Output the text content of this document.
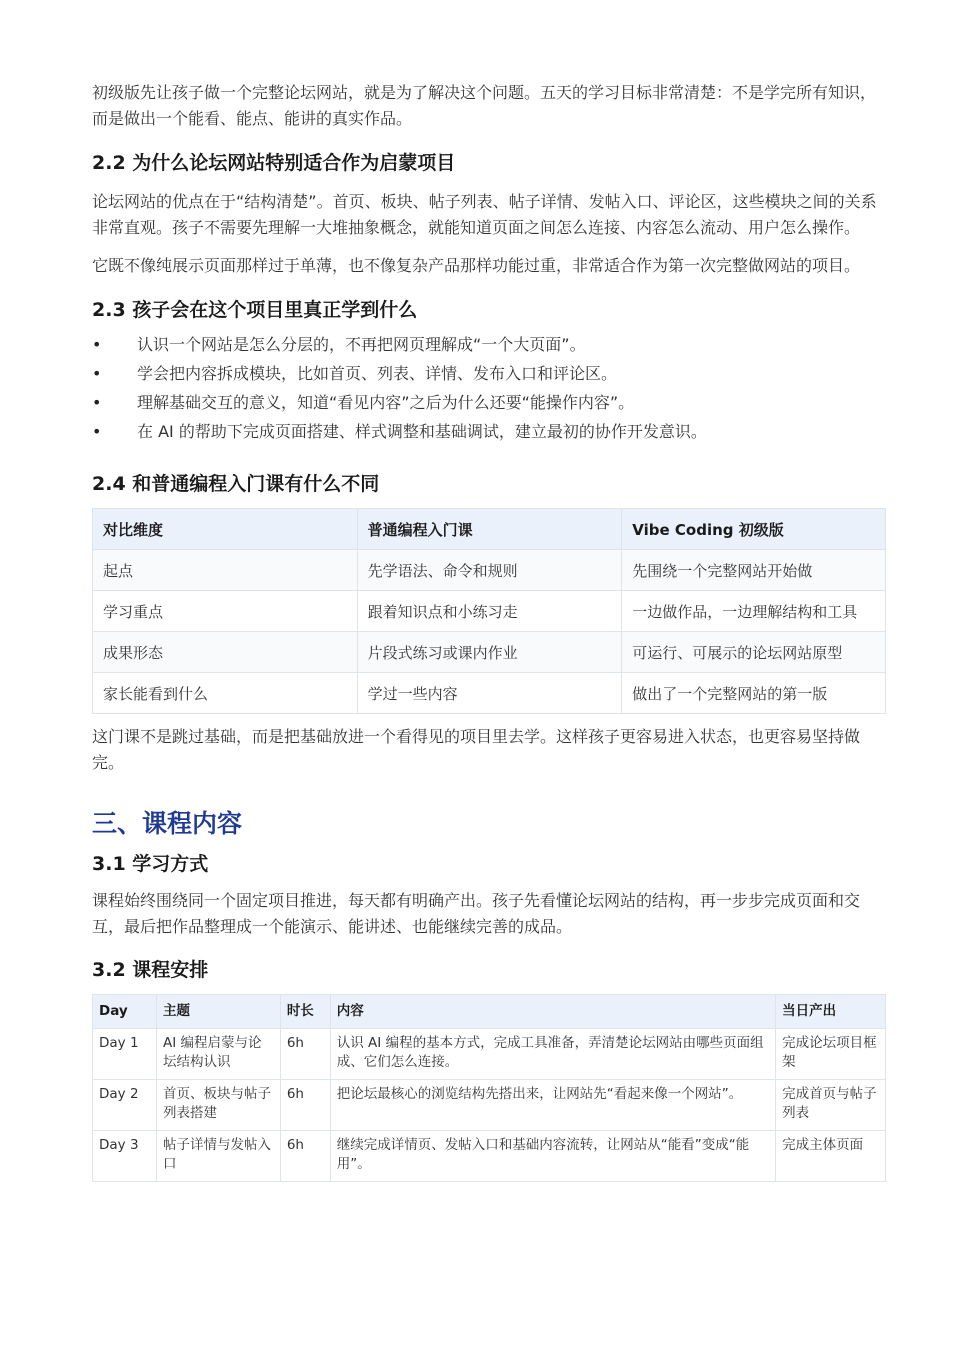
初级版先让孩子做一个完整论坛网站，就是为了解决这个问题。五天的学习目标非常清楚：不是学完所有知识，而是做出一个能看、能点、能讲的真实作品。

2.2 为什么论坛网站特别适合作为启蒙项目

论坛网站的优点在于“结构清楚”。首页、板块、帖子列表、帖子详情、发帖入口、评论区，这些模块之间的关系非常直观。孩子不需要先理解一大堆抽象概念，就能知道页面之间怎么连接、内容怎么流动、用户怎么操作。

它既不像纯展示页面那样过于单薄，也不像复杂产品那样功能过重，非常适合作为第一次完整做网站的项目。

2.3 孩子会在这个项目里真正学到什么
• 认识一个网站是怎么分层的，不再把网页理解成“一个大页面”。
• 学会把内容拆成模块，比如首页、列表、详情、发布入口和评论区。
• 理解基础交互的意义，知道“看见内容”之后为什么还要“能操作内容”。
• 在 AI 的帮助下完成页面搭建、样式调整和基础调试，建立最初的协作开发意识。
2.4 和普通编程入门课有什么不同
对比维度	普通编程入门课	Vibe Coding 初级版
起点	先学语法、命令和规则	先围绕一个完整网站开始做
学习重点	跟着知识点和小练习走	一边做作品，一边理解结构和工具
成果形态	片段式练习或课内作业	可运行、可展示的论坛网站原型
家长能看到什么	学过一些内容	做出了一个完整网站的第一版

这门课不是跳过基础，而是把基础放进一个看得见的项目里去学。这样孩子更容易进入状态，也更容易坚持做完。

三、课程内容
3.1 学习方式

课程始终围绕同一个固定项目推进，每天都有明确产出。孩子先看懂论坛网站的结构，再一步步完成页面和交互，最后把作品整理成一个能演示、能讲述、也能继续完善的成品。

3.2 课程安排
Day	主题	时长	内容	当日产出
Day 1	AI 编程启蒙与论坛结构认识	6h	认识 AI 编程的基本方式，完成工具准备，弄清楚论坛网站由哪些页面组成、它们怎么连接。	完成论坛项目框架
Day 2	首页、板块与帖子列表搭建	6h	把论坛最核心的浏览结构先搭出来，让网站先“看起来像一个网站”。	完成首页与帖子列表
Day 3	帖子详情与发帖入口	6h	继续完成详情页、发帖入口和基础内容流转，让网站从“能看”变成“能用”。	完成主体页面
